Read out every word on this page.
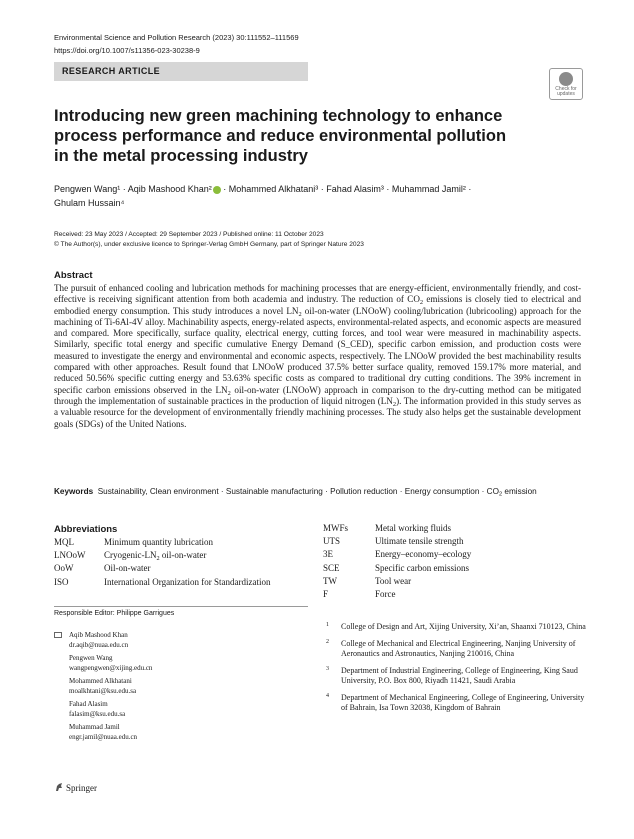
Environmental Science and Pollution Research (2023) 30:111552–111569
https://doi.org/10.1007/s11356-023-30238-9
RESEARCH ARTICLE
Check for updates
Introducing new green machining technology to enhance process performance and reduce environmental pollution in the metal processing industry
Pengwen Wang¹ · Aqib Mashood Khan² · Mohammed Alkhatani³ · Fahad Alasim³ · Muhammad Jamil² ·
Ghulam Hussain⁴
Received: 23 May 2023 / Accepted: 29 September 2023 / Published online: 11 October 2023
© The Author(s), under exclusive licence to Springer-Verlag GmbH Germany, part of Springer Nature 2023
Abstract
The pursuit of enhanced cooling and lubrication methods for machining processes that are energy-efficient, environmentally friendly, and cost-effective is receiving significant attention from both academia and industry. The reduction of $CO_2$ emissions is closely tied to electrical and embodied energy consumption. This study introduces a novel $LN_2$ oil-on-water (LNOoW) cooling/lubrication (lubricooling) approach for the machining of Ti-6Al-4V alloy. Machinability aspects, energy-related aspects, environmental-related aspects, and economic aspects are measured and compared. More specifically, surface quality, electrical energy, cutting forces, and tool wear were measured in machinability aspects. Similarly, specific total energy and specific cumulative Energy Demand (S_CED), specific carbon emission, and production costs were measured to investigate the energy and environmental and economic aspects, respectively. The LNOoW provided the best machinability results compared with other approaches. Result found that LNOoW produced 37.5% better surface quality, removed 159.17% more material, and reduced 50.56% specific cutting energy and 53.63% specific costs as compared to traditional dry cutting conditions. The 39% increment in specific carbon emissions observed in the $LN_2$ oil-on-water (LNOoW) approach in comparison to the dry-cutting method can be mitigated through the implementation of sustainable practices in the production of liquid nitrogen $(LN_2)$. The information provided in this study serves as a valuable resource for the development of environmentally friendly machining processes. The study also helps get the sustainable development goals (SDGs) of the United Nations.
Keywords Sustainability, Clean environment · Sustainable manufacturing · Pollution reduction · Energy consumption · $CO_2$ emission
Abbreviations
MQL	Minimum quantity lubrication
LNOoW Cryogenic-$LN_2$ oil-on-water
OoW	Oil-on-water
ISO	International Organization for Standardization
MWFs	Metal working fluids
UTS	Ultimate tensile strength
3E	Energy–economy–ecology
SCE	Specific carbon emissions
TW	Tool wear
F	Force
Responsible Editor: Philippe Garrigues
Aqib Mashood Khan
dr.aqib@nuaa.edu.cn
Pengwen Wang
wangpengwen@xijing.edu.cn
Mohammed Alkhatani
moalkhtani@ksu.edu.sa
Fahad Alasim
falasim@ksu.edu.sa
Muhammad Jamil
engr.jamil@nuaa.edu.cn
1	College of Design and Art, Xijing University, Xi’an, Shaanxi 710123, China
2	College of Mechanical and Electrical Engineering, Nanjing University of Aeronautics and Astronautics, Nanjing 210016, China
3	Department of Industrial Engineering, College of Engineering, King Saud University, P.O. Box 800, Riyadh 11421, Saudi Arabia
4	Department of Mechanical Engineering, College of Engineering, University of Bahrain, Isa Town 32038, Kingdom of Bahrain
Springer
